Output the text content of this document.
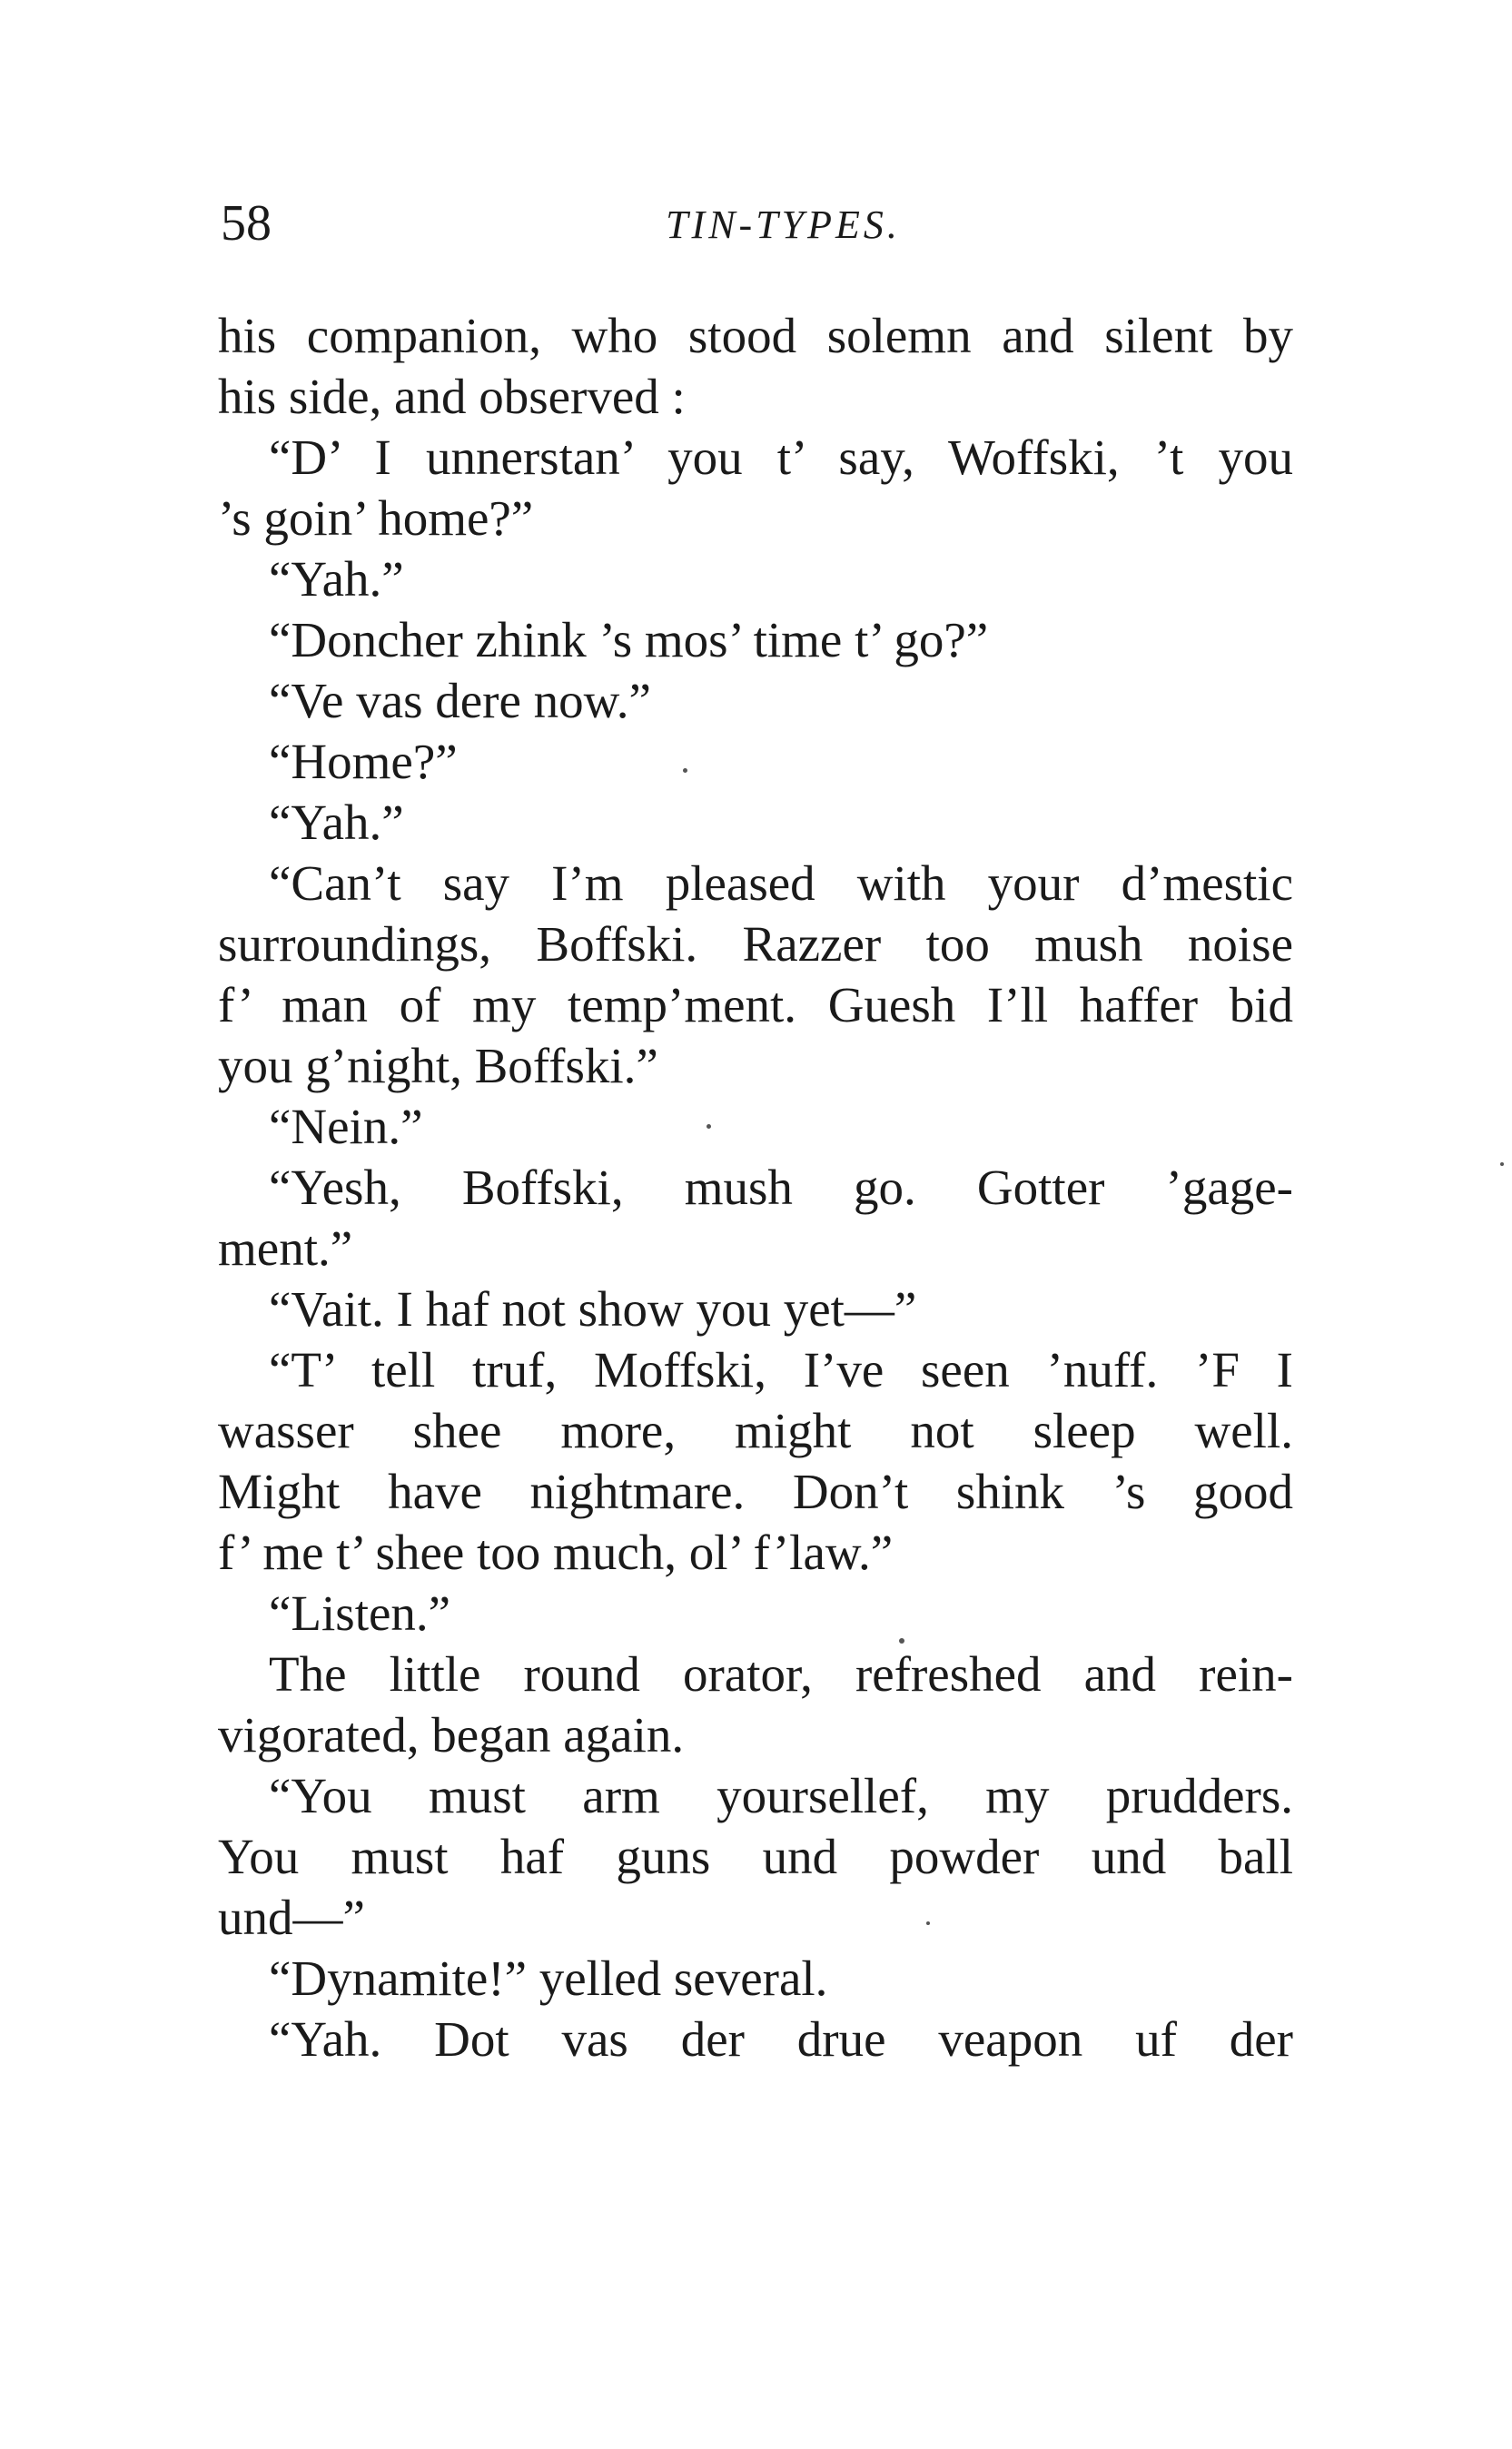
58	TIN-TYPES.
his companion, who stood solemn and silent by
his side, and observed :
“D’ I unnerstan’ you t’ say, Woffski, ’t you
’s goin’ home?”
“Yah.”
“Doncher zhink ’s mos’ time t’ go?”
“Ve vas dere now.”
“Home?”
“Yah.”
“Can’t say I’m pleased with your d’mestic
surroundings, Boffski. Razzer too mush noise
f’ man of my temp’ment. Guesh I’ll haffer bid
you g’night, Boffski.”
“Nein.”
“Yesh, Boffski, mush go. Gotter ’gage-
ment.”
“Vait. I haf not show you yet—”
“T’ tell truf, Moffski, I’ve seen ’nuff. ’F I
wasser shee more, might not sleep well.
Might have nightmare. Don’t shink ’s good
f’ me t’ shee too much, ol’ f’law.”
“Listen.”
The little round orator, refreshed and rein-
vigorated, began again.
“You must arm yoursellef, my prudders.
You must haf guns und powder und ball
und—”
“Dynamite!” yelled several.
“Yah. Dot vas der drue veapon uf der
